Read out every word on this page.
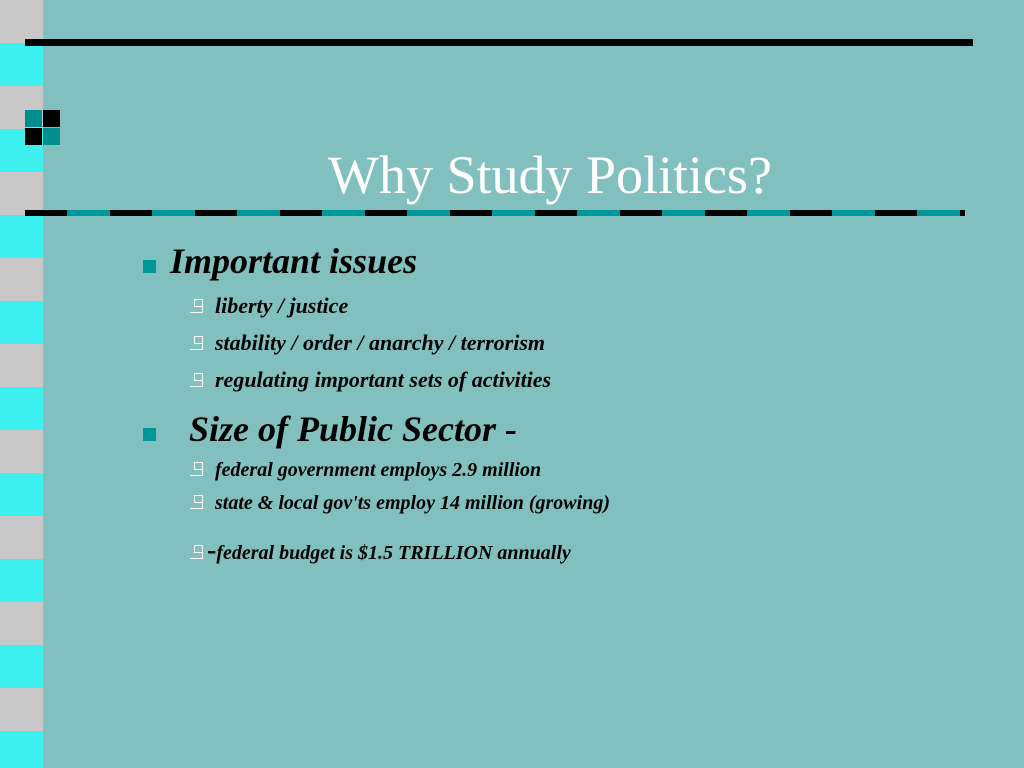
Why Study Politics?
Important issues
liberty / justice
stability / order / anarchy / terrorism
regulating important sets of activities
Size of Public Sector -
federal government employs 2.9 million
state & local gov'ts employ 14 million (growing)
- federal budget is $1.5 TRILLION annually
